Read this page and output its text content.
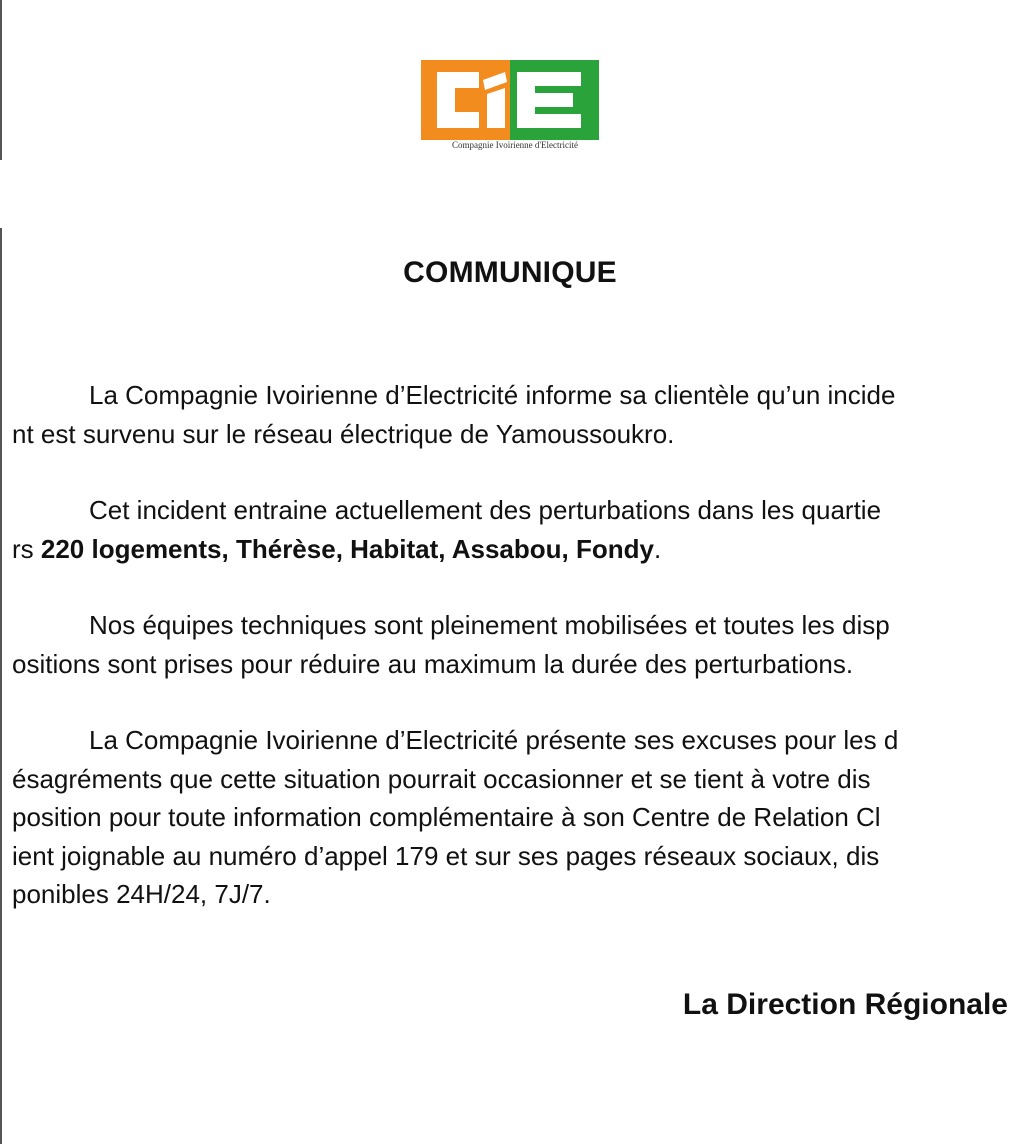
Compagnie Ivoirienne d'Electricité
COMMUNIQUE
La Compagnie Ivoirienne d’Electricité informe sa clientèle qu’un incide
nt est survenu sur le réseau électrique de Yamoussoukro.
Cet incident entraine actuellement des perturbations dans les quartie
rs 220 logements, Thérèse, Habitat, Assabou, Fondy.
Nos équipes techniques sont pleinement mobilisées et toutes les disp
ositions sont prises pour réduire au maximum la durée des perturbations.
La Compagnie Ivoirienne d’Electricité présente ses excuses pour les d
ésagréments que cette situation pourrait occasionner et se tient à votre dis
position pour toute information complémentaire à son Centre de Relation Cl
ient joignable au numéro d’appel 179 et sur ses pages réseaux sociaux, dis
ponibles 24H/24, 7J/7.
La Direction Régionale
